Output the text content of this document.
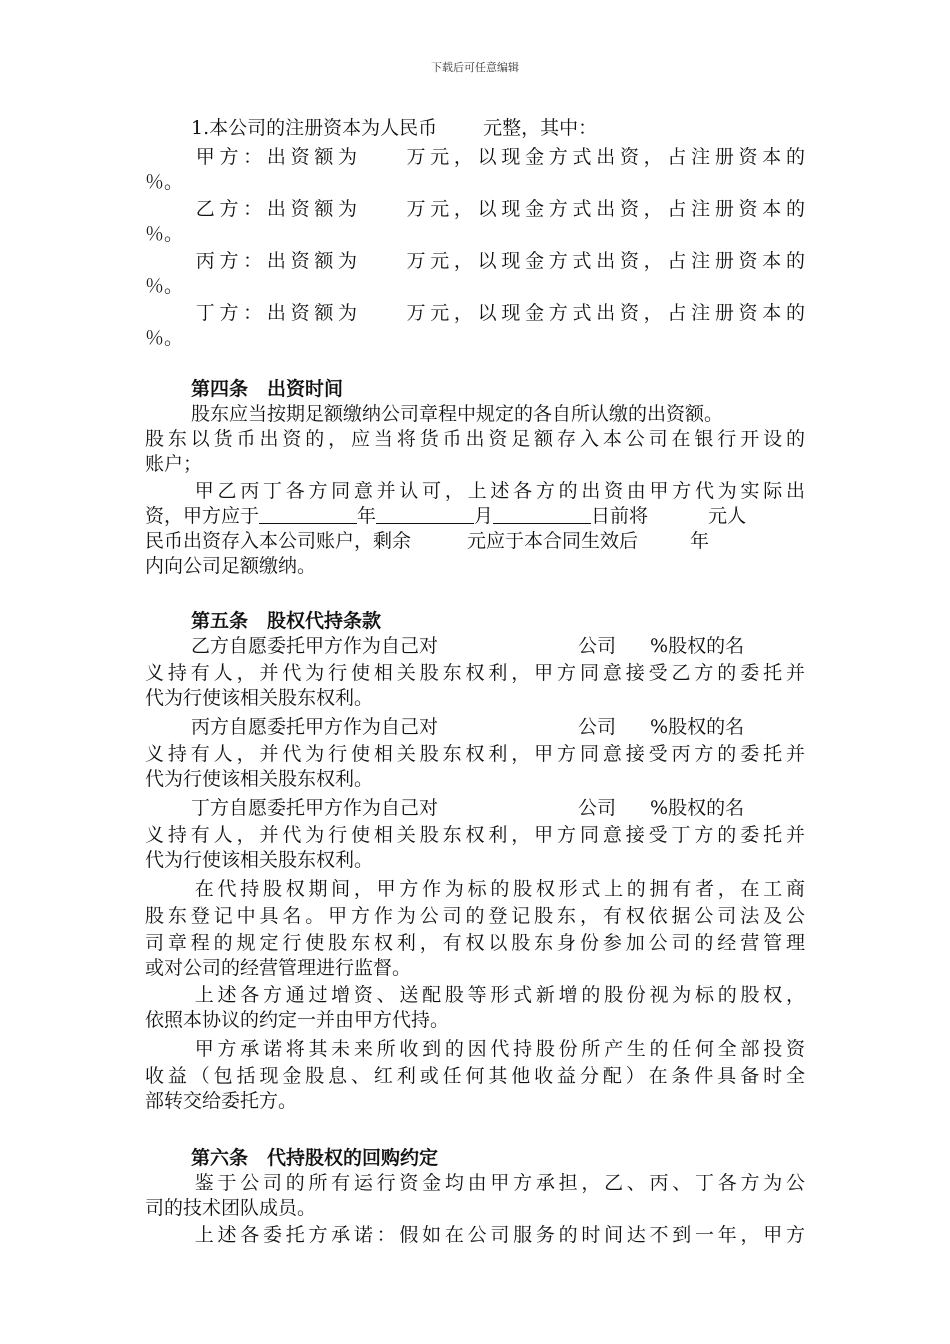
下载后可任意编辑
1.本公司的注册资本为人民币 元整，其中：
甲方：出资额为 万元，以现金方式出资，占注册资本的
％。
乙方：出资额为 万元，以现金方式出资，占注册资本的
％。
丙方：出资额为 万元，以现金方式出资，占注册资本的
％。
丁方：出资额为 万元，以现金方式出资，占注册资本的
％。
第四条　出资时间
股东应当按期足额缴纳公司章程中规定的各自所认缴的出资额。
股东以货币出资的，应当将货币出资足额存入本公司在银行开设的
账户；
甲乙丙丁各方同意并认可，上述各方的出资由甲方代为实际出
资，甲方应于	年	月	日前将	元人
民币出资存入本公司账户，剩余	元应于本合同生效后	年
内向公司足额缴纳。
第五条　股权代持条款
乙方自愿委托甲方作为自己对	公司 %股权的名
义持有人，并代为行使相关股东权利，甲方同意接受乙方的委托并
代为行使该相关股东权利。
丙方自愿委托甲方作为自己对	公司 %股权的名
义持有人，并代为行使相关股东权利，甲方同意接受丙方的委托并
代为行使该相关股东权利。
丁方自愿委托甲方作为自己对	公司 %股权的名
义持有人，并代为行使相关股东权利，甲方同意接受丁方的委托并
代为行使该相关股东权利。
在代持股权期间，甲方作为标的股权形式上的拥有者，在工商
股东登记中具名。甲方作为公司的登记股东，有权依据公司法及公
司章程的规定行使股东权利，有权以股东身份参加公司的经营管理
或对公司的经营管理进行监督。
上述各方通过增资、送配股等形式新增的股份视为标的股权，
依照本协议的约定一并由甲方代持。
甲方承诺将其未来所收到的因代持股份所产生的任何全部投资
收益（包括现金股息、红利或任何其他收益分配）在条件具备时全
部转交给委托方。
第六条　代持股权的回购约定
鉴于公司的所有运行资金均由甲方承担，乙、丙、丁各方为公
司的技术团队成员。
上述各委托方承诺：假如在公司服务的时间达不到一年，甲方
